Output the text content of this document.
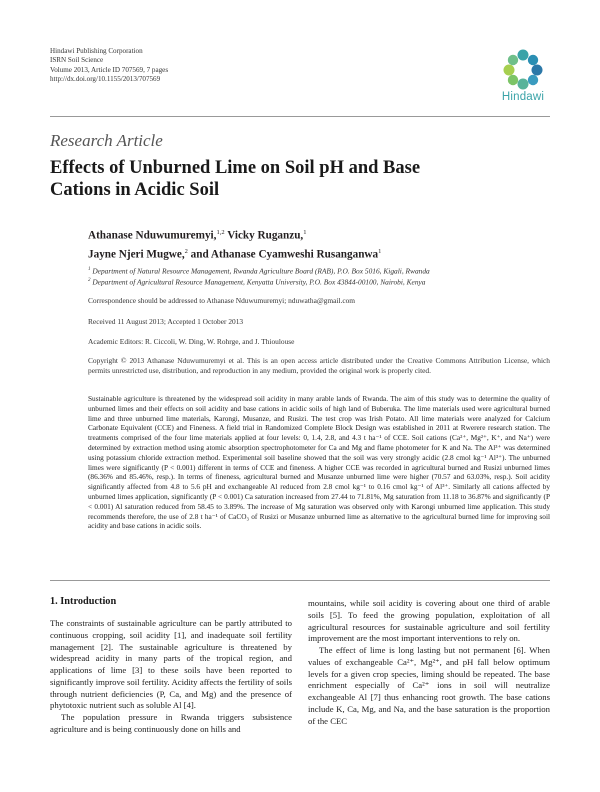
Hindawi Publishing Corporation
ISRN Soil Science
Volume 2013, Article ID 707569, 7 pages
http://dx.doi.org/10.1155/2013/707569
Hindawi
Research Article
Effects of Unburned Lime on Soil pH and Base Cations in Acidic Soil
Athanase Nduwumuremyi,$^{1,2}$ Vicky Ruganzu,$^1$
Jayne Njeri Mugwe,$^2$ and Athanase Cyamweshi Rusanganwa$^1$
$^1$ Department of Natural Resource Management, Rwanda Agriculture Board (RAB), P.O. Box 5016, Kigali, Rwanda
$^2$ Department of Agricultural Resource Management, Kenyatta University, P.O. Box 43844-00100, Nairobi, Kenya
Correspondence should be addressed to Athanase Nduwumuremyi; nduwatha@gmail.com
Received 11 August 2013; Accepted 1 October 2013
Academic Editors: R. Ciccoli, W. Ding, W. Rohrge, and J. Thioulouse
Copyright © 2013 Athanase Nduwumuremyi et al. This is an open access article distributed under the Creative Commons Attribution License, which permits unrestricted use, distribution, and reproduction in any medium, provided the original work is properly cited.
Sustainable agriculture is threatened by the widespread soil acidity in many arable lands of Rwanda. The aim of this study was to determine the quality of unburned limes and their effects on soil acidity and base cations in acidic soils of high land of Buberuka. The lime materials used were agricultural burned lime and three unburned lime materials, Karongi, Musanze, and Rusizi. The test crop was Irish Potato. All lime materials were analyzed for Calcium Carbonate Equivalent (CCE) and Fineness. A field trial in Randomized Complete Block Design was established in 2011 at Rwerere research station. The treatments comprised of the four lime materials applied at four levels: 0, 1.4, 2.8, and 4.3 t ha⁻¹ of CCE. Soil cations (Ca²⁺, Mg²⁺, K⁺, and Na⁺) were determined by extraction method using atomic absorption spectrophotometer for Ca and Mg and flame photometer for K and Na. The Al³⁺ was determined using potassium chloride extraction method. Experimental soil baseline showed that the soil was very strongly acidic (2.8 cmol kg⁻¹ Al³⁺). The unburned limes were significantly (P < 0.001) different in terms of CCE and fineness. A higher CCE was recorded in agricultural burned and Rusizi unburned limes (86.36% and 85.46%, resp.). In terms of fineness, agricultural burned and Musanze unburned lime were higher (70.57 and 63.03%, resp.). Soil acidity significantly affected from 4.8 to 5.6 pH and exchangeable Al reduced from 2.8 cmol kg⁻¹ to 0.16 cmol kg⁻¹ of Al³⁺. Similarly all cations affected by unburned limes application, significantly (P < 0.001) Ca saturation increased from 27.44 to 71.81%, Mg saturation from 11.18 to 36.87% and significantly (P < 0.001) Al saturation reduced from 58.45 to 3.89%. The increase of Mg saturation was observed only with Karongi unburned lime application. This study recommends therefore, the use of 2.8 t ha⁻¹ of CaCO₃ of Rusizi or Musanze unburned lime as alternative to the agricultural burned lime for improving soil acidity and base cations in acidic soils.
1. Introduction

The constraints of sustainable agriculture can be partly attributed to continuous cropping, soil acidity [1], and inadequate soil fertility management [2]. The sustainable agriculture is threatened by widespread acidity in many parts of the tropical region, and applications of lime [3] to these soils have been reported to significantly improve soil fertility. Acidity affects the fertility of soils through nutrient deficiencies (P, Ca, and Mg) and the presence of phytotoxic nutrient such as soluble Al [4].

The population pressure in Rwanda triggers subsistence agriculture and is being continuously done on hills and

mountains, while soil acidity is covering about one third of arable soils [5]. To feed the growing population, exploitation of all agricultural resources for sustainable agriculture and soil fertility improvement are the most important interventions to rely on.

The effect of lime is long lasting but not permanent [6]. When values of exchangeable Ca²⁺, Mg²⁺, and pH fall below optimum levels for a given crop species, liming should be repeated. The base enrichment especially of Ca²⁺ ions in soil will neutralize exchangeable Al [7] thus enhancing root growth. The base cations include K, Ca, Mg, and Na, and the base saturation is the proportion of the CEC
